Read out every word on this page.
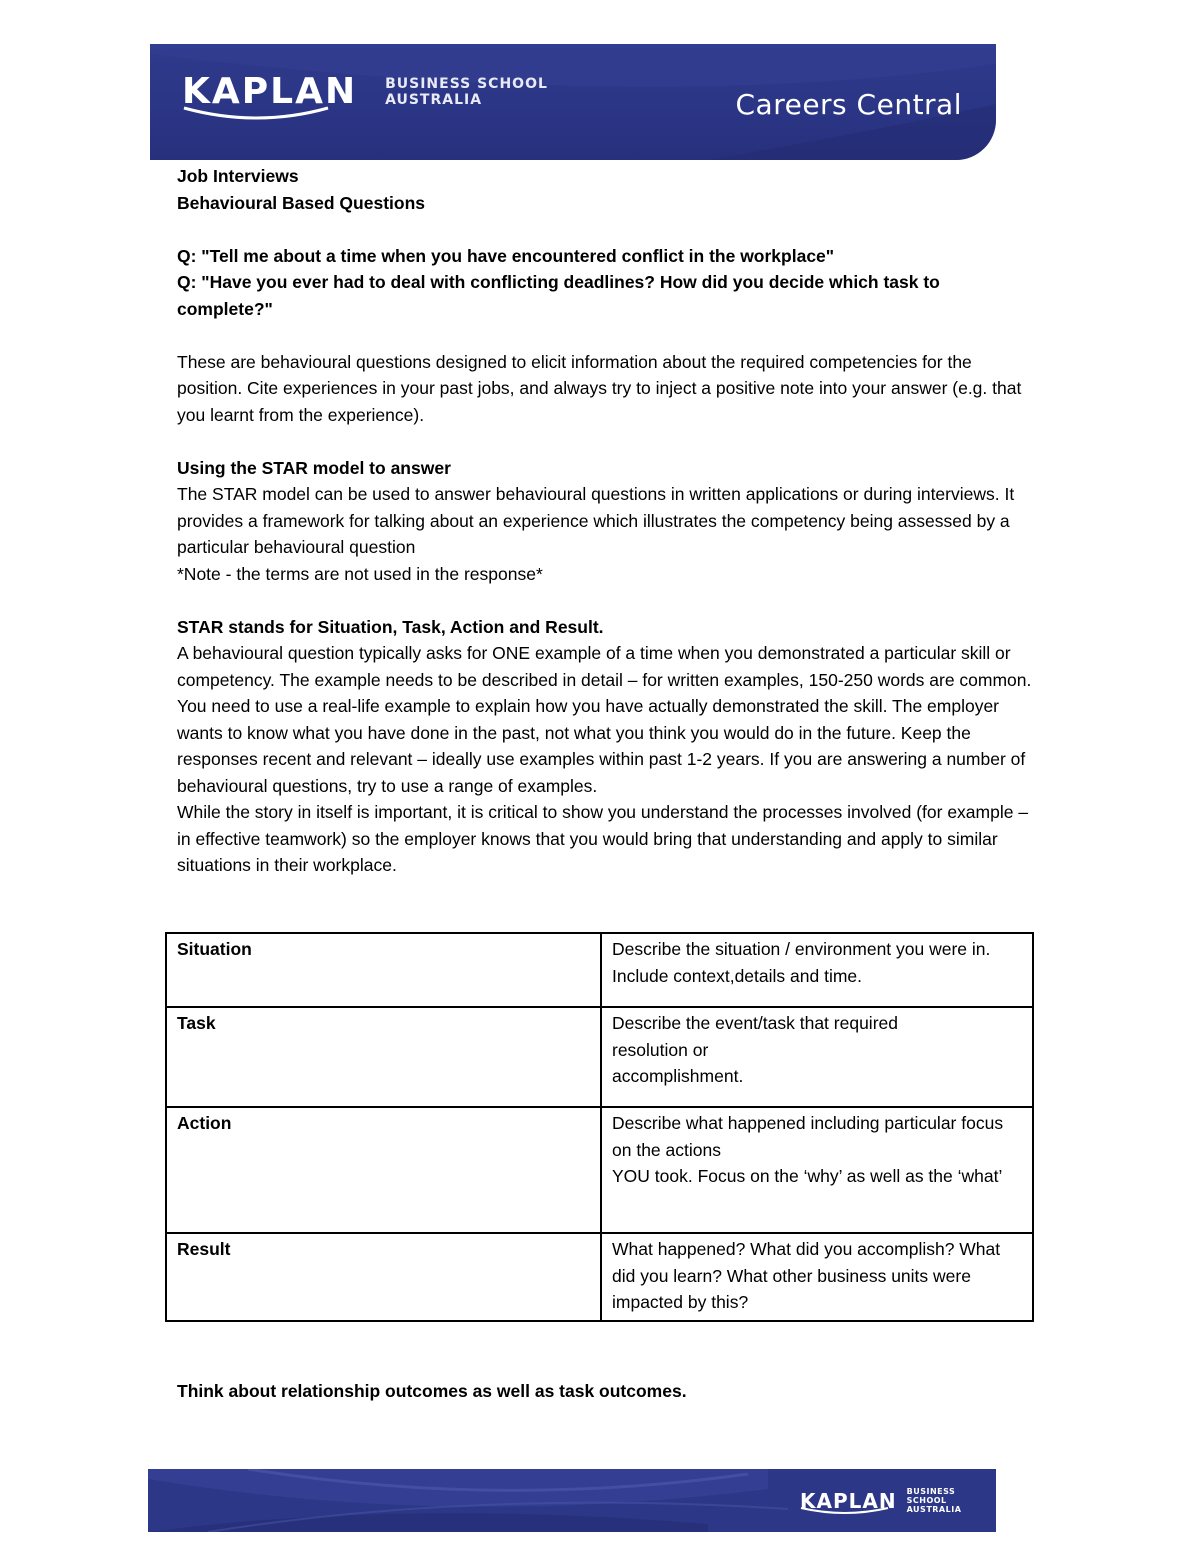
KAPLAN BUSINESS SCHOOL
AUSTRALIA	Careers Central

Job Interviews

Behavioural Based Questions

Q: "Tell me about a time when you have encountered conflict in the workplace"

Q: "Have you ever had to deal with conflicting deadlines? How did you decide which task to complete?"

These are behavioural questions designed to elicit information about the required competencies for the position. Cite experiences in your past jobs, and always try to inject a positive note into your answer (e.g. that you learnt from the experience).

Using the STAR model to answer

The STAR model can be used to answer behavioural questions in written applications or during interviews. It provides a framework for talking about an experience which illustrates the competency being assessed by a particular behavioural question

*Note - the terms are not used in the response*

STAR stands for Situation, Task, Action and Result.

A behavioural question typically asks for ONE example of a time when you demonstrated a particular skill or competency. The example needs to be described in detail – for written examples, 150-250 words are common. You need to use a real-life example to explain how you have actually demonstrated the skill. The employer wants to know what you have done in the past, not what you think you would do in the future. Keep the responses recent and relevant – ideally use examples within past 1-2 years. If you are answering a number of behavioural questions, try to use a range of examples.

While the story in itself is important, it is critical to show you understand the processes involved (for example – in effective teamwork) so the employer knows that you would bring that understanding and apply to similar situations in their workplace.

Situation	Describe the situation / environment you were in. Include context,details and time.
Task	Describe the event/task that required
resolution or
accomplishment.

Action	Describe what happened including particular focus on the actions
YOU took. Focus on the ‘why’ as well as the ‘what’

Result	What happened? What did you accomplish? What did you learn? What other business units were impacted by this?

Think about relationship outcomes as well as task outcomes.

KAPLAN BUSINESS SCHOOL
AUSTRALIA
